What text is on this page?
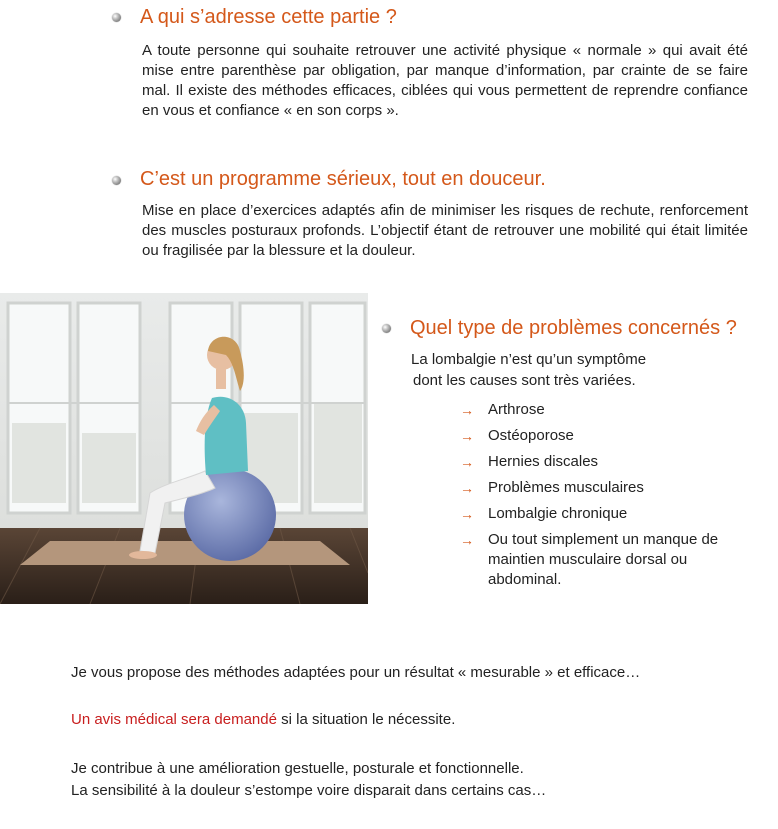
A qui s’adresse cette partie ?

A toute personne qui souhaite retrouver une activité physique « normale » qui avait été mise entre parenthèse par obligation, par manque d’information, par crainte de se faire mal. Il existe des méthodes efficaces, ciblées qui vous permettent de reprendre confiance en vous et confiance « en son corps ».

C’est un programme sérieux, tout en douceur.

Mise en place d’exercices adaptés afin de minimiser les risques de rechute, renforcement des muscles posturaux profonds. L’objectif étant de retrouver une mobilité qui était limitée ou fragilisée par la blessure et la douleur.

Quel type de problèmes concernés ?

La lombalgie n’est qu’un symptôme

dont les causes sont très variées.

→ Arthrose
→ Ostéoporose
→ Hernies discales
→ Problèmes musculaires
→ Lombalgie chronique
→ Ou tout simplement un manque de maintien musculaire dorsal ou abdominal.

Je vous propose des méthodes adaptées pour un résultat « mesurable » et efficace…

Un avis médical sera demandé si la situation le nécessite.

Je contribue à une amélioration gestuelle, posturale et fonctionnelle.

La sensibilité à la douleur s’estompe voire disparait dans certains cas…
